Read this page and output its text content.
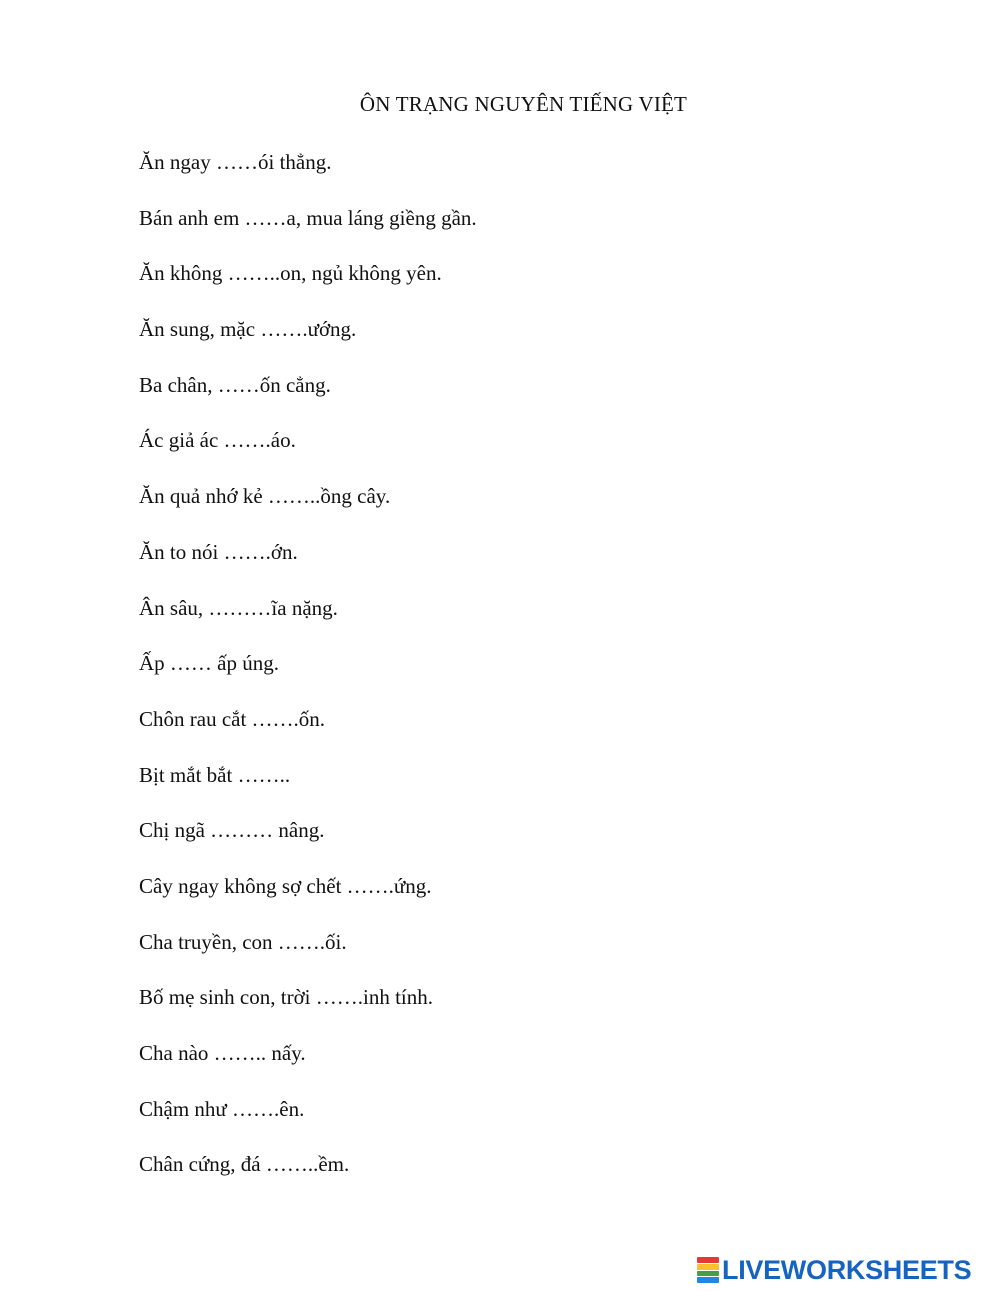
ÔN TRẠNG NGUYÊN TIẾNG VIỆT
Ăn ngay ……ói thẳng.
Bán anh em ……a, mua láng giềng gần.
Ăn không ……..on, ngủ không yên.
Ăn sung, mặc …….ướng.
Ba chân, ……ốn cẳng.
Ác giả ác …….áo.
Ăn quả nhớ kẻ ……..ồng cây.
Ăn to nói …….ớn.
Ân sâu, ………ĩa nặng.
Ấp …… ấp úng.
Chôn rau cắt …….ốn.
Bịt mắt bắt ……..
Chị ngã ……… nâng.
Cây ngay không sợ chết …….ứng.
Cha truyền, con …….ối.
Bố mẹ sinh con, trời …….inh tính.
Cha nào …….. nấy.
Chậm như …….ên.
Chân cứng, đá ……..ềm.
LIVEWORKSHEETS
